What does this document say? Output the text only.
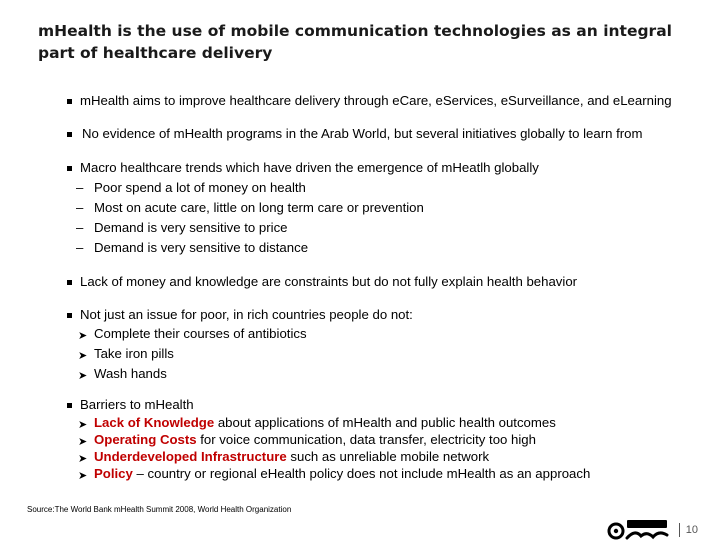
mHealth is the use of mobile communication technologies as an integral part of healthcare delivery
mHealth aims to improve healthcare delivery through eCare, eServices, eSurveillance, and eLearning
No evidence of mHealth programs in the Arab World, but several initiatives globally to learn from
Macro healthcare trends which have driven the emergence of mHeatlh globally
– Poor spend a lot of money on health
– Most on acute care, little on long term care or prevention
– Demand is very sensitive to price
– Demand is very sensitive to distance
Lack of money and knowledge are constraints but do not fully explain health behavior
Not just an issue for poor, in rich countries people do not:
➤ Complete their courses of antibiotics
➤ Take iron pills
➤ Wash hands
Barriers to mHealth
➤ Lack of Knowledge about applications of mHealth and public health outcomes
➤ Operating Costs for voice communication, data transfer, electricity too high
➤ Underdeveloped Infrastructure such as unreliable mobile network
➤ Policy – country or regional eHealth policy does not include mHealth as an approach
Source:The World Bank mHealth Summit 2008, World Health Organization
10
